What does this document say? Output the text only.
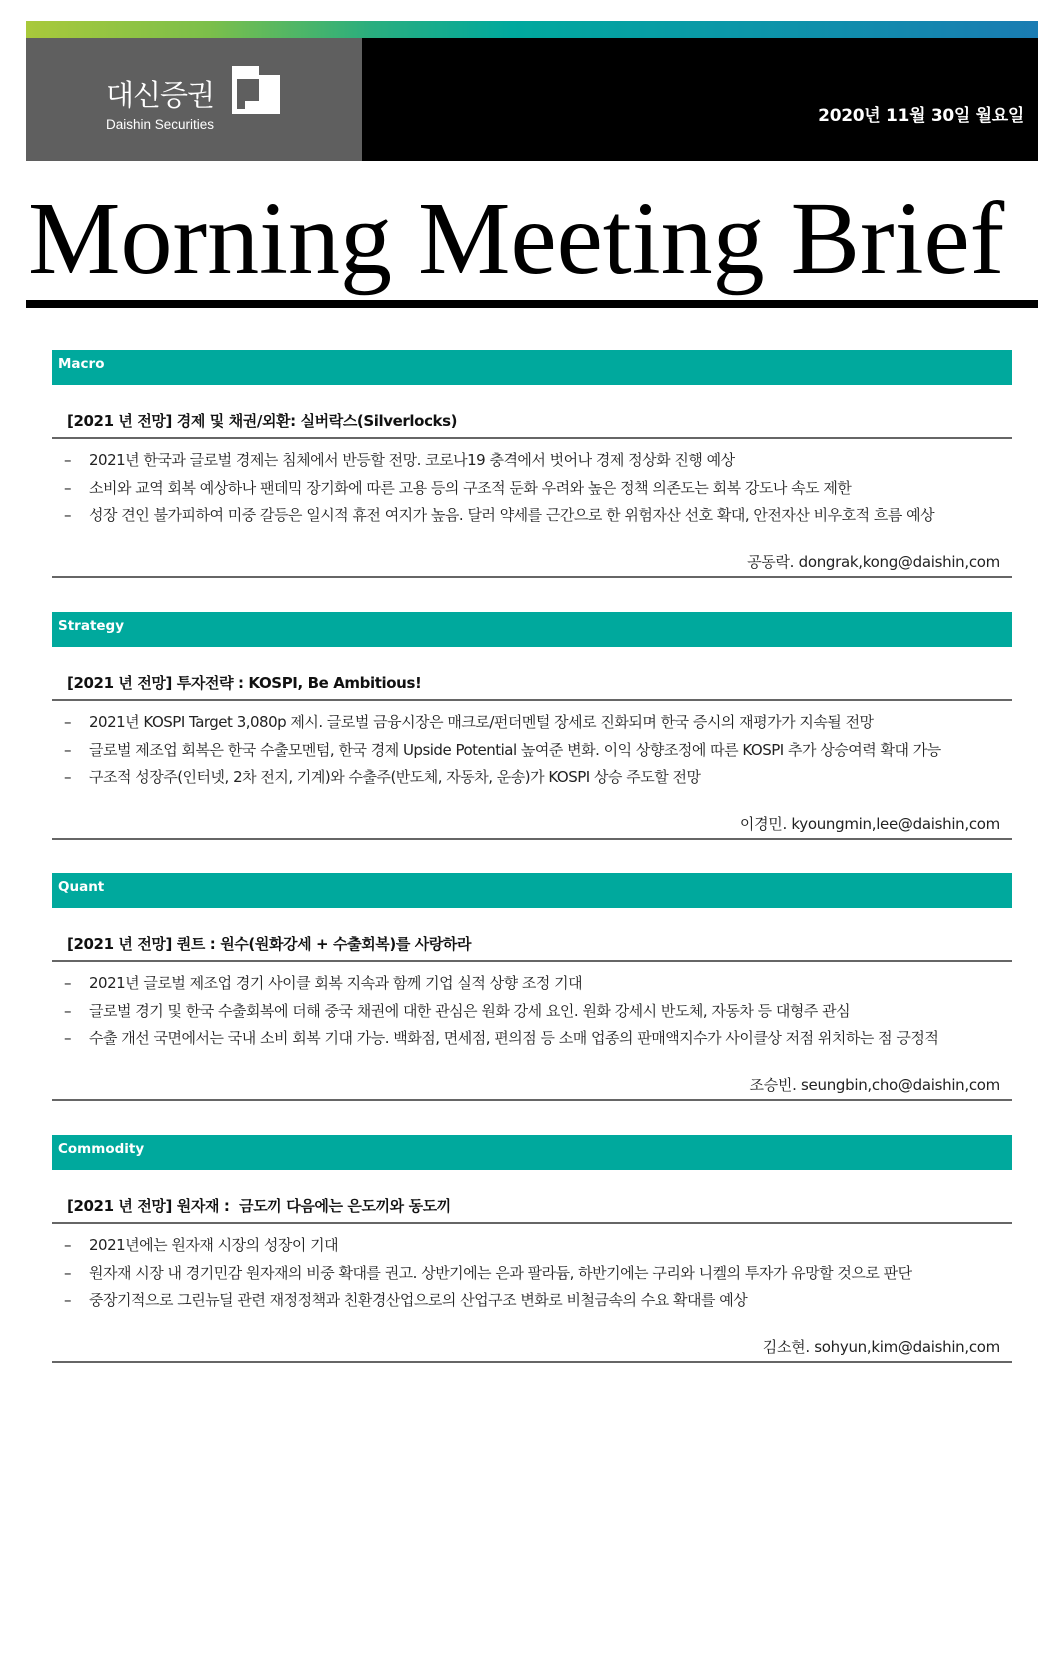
대신증권
Daishin Securities	2020년 11월 30일 월요일
Morning Meeting Brief
Macro
[2021 년 전망] 경제 및 채권/외환: 실버락스(Silverlocks)
– 2021년 한국과 글로벌 경제는 침체에서 반등할 전망. 코로나19 충격에서 벗어나 경제 정상화 진행 예상
– 소비와 교역 회복 예상하나 팬데믹 장기화에 따른 고용 등의 구조적 둔화 우려와 높은 정책 의존도는 회복 강도나 속도 제한
– 성장 견인 불가피하여 미중 갈등은 일시적 휴전 여지가 높음. 달러 약세를 근간으로 한 위험자산 선호 확대, 안전자산 비우호적 흐름 예상
공동락. dongrak,kong@daishin,com
Strategy
[2021 년 전망] 투자전략 : KOSPI, Be Ambitious!
– 2021년 KOSPI Target 3,080p 제시. 글로벌 금융시장은 매크로/펀더멘털 장세로 진화되며 한국 증시의 재평가가 지속될 전망
– 글로벌 제조업 회복은 한국 수출모멘텀, 한국 경제 Upside Potential 높여준 변화. 이익 상향조정에 따른 KOSPI 추가 상승여력 확대 가능
– 구조적 성장주(인터넷, 2차 전지, 기계)와 수출주(반도체, 자동차, 운송)가 KOSPI 상승 주도할 전망
이경민. kyoungmin,lee@daishin,com
Quant
[2021 년 전망] 퀀트 : 원수(원화강세 + 수출회복)를 사랑하라
– 2021년 글로벌 제조업 경기 사이클 회복 지속과 함께 기업 실적 상향 조정 기대
– 글로벌 경기 및 한국 수출회복에 더해 중국 채권에 대한 관심은 원화 강세 요인. 원화 강세시 반도체, 자동차 등 대형주 관심
– 수출 개선 국면에서는 국내 소비 회복 기대 가능. 백화점, 면세점, 편의점 등 소매 업종의 판매액지수가 사이클상 저점 위치하는 점 긍정적
조승빈. seungbin,cho@daishin,com
Commodity
[2021 년 전망] 원자재 :  금도끼 다음에는 은도끼와 동도끼
– 2021년에는 원자재 시장의 성장이 기대
– 원자재 시장 내 경기민감 원자재의 비중 확대를 권고. 상반기에는 은과 팔라듐, 하반기에는 구리와 니켈의 투자가 유망할 것으로 판단
– 중장기적으로 그린뉴딜 관련 재정정책과 친환경산업으로의 산업구조 변화로 비철금속의 수요 확대를 예상
김소현. sohyun,kim@daishin,com
